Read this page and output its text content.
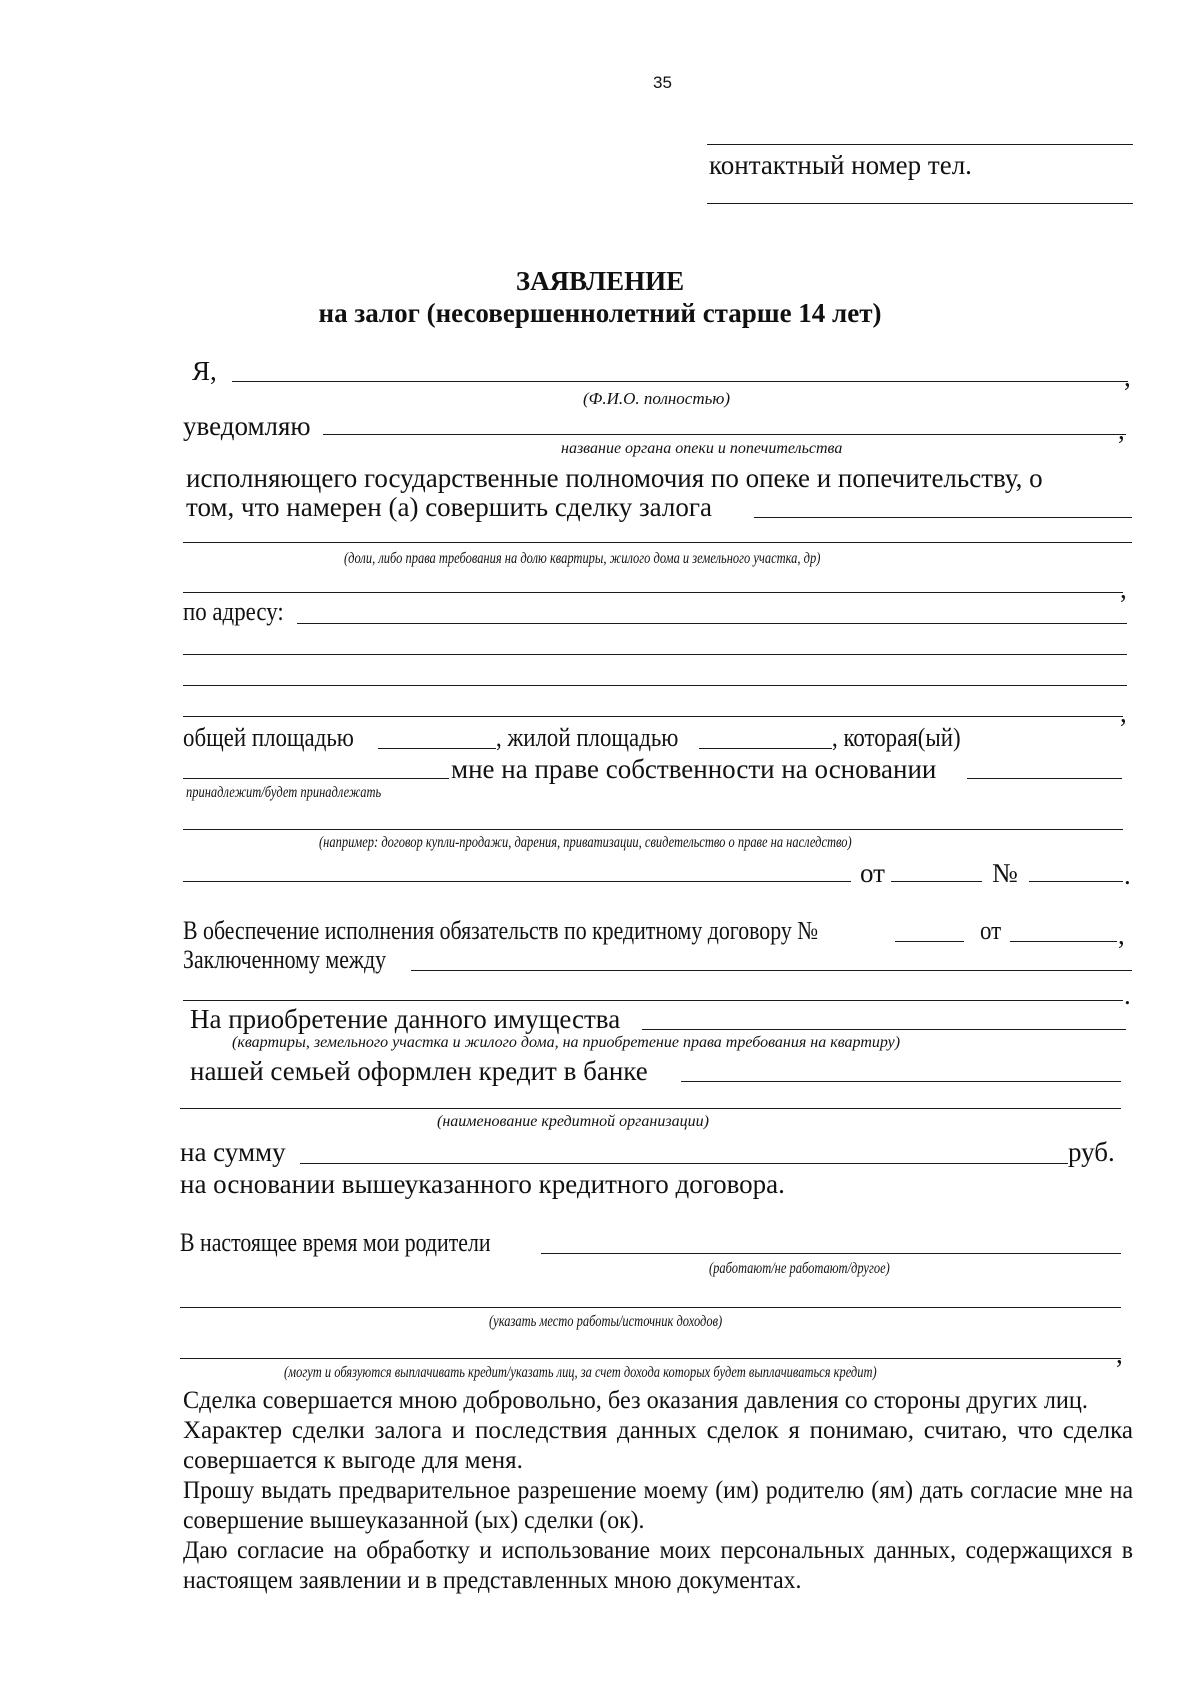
35
контактный номер тел.
ЗАЯВЛЕНИЕ
на залог (несовершеннолетний старше 14 лет)
Я,	,
(Ф.И.О. полностью)
уведомляю	,
название органа опеки и попечительства
исполняющего государственные полномочия по опеке и попечительству, о
том, что намерен (а) совершить сделку залога
(доли, либо права требования на долю квартиры, жилого дома и земельного участка, др)
,
по адресу:
,
общей площадью	, жилой площадью	, которая(ый)
мне на праве собственности на основании
принадлежит/будет принадлежать
(например: договор купли-продажи, дарения, приватизации, свидетельство о праве на наследство)
от	№	.
В обеспечение исполнения обязательств по кредитному договору №	от	,
Заключенному между
.
На приобретение данного имущества
(квартиры, земельного участка и жилого дома, на приобретение права требования на квартиру)
нашей семьей оформлен кредит в банке
(наименование кредитной организации)
на сумму	руб.
на основании вышеуказанного кредитного договора.
В настоящее время мои родители
(работают/не работают/другое)
(указать место работы/источник доходов)
,
(могут и обязуются выплачивать кредит/указать лиц, за счет дохода которых будет выплачиваться кредит)
Сделка совершается мною добровольно, без оказания давления со стороны других лиц.
Характер сделки залога и последствия данных сделок я понимаю, считаю, что сделка совершается к выгоде для меня.
Прошу выдать предварительное разрешение моему (им) родителю (ям) дать согласие мне на совершение вышеуказанной (ых) сделки (ок).
Даю согласие на обработку и использование моих персональных данных, содержащихся в настоящем заявлении и в представленных мною документах.
